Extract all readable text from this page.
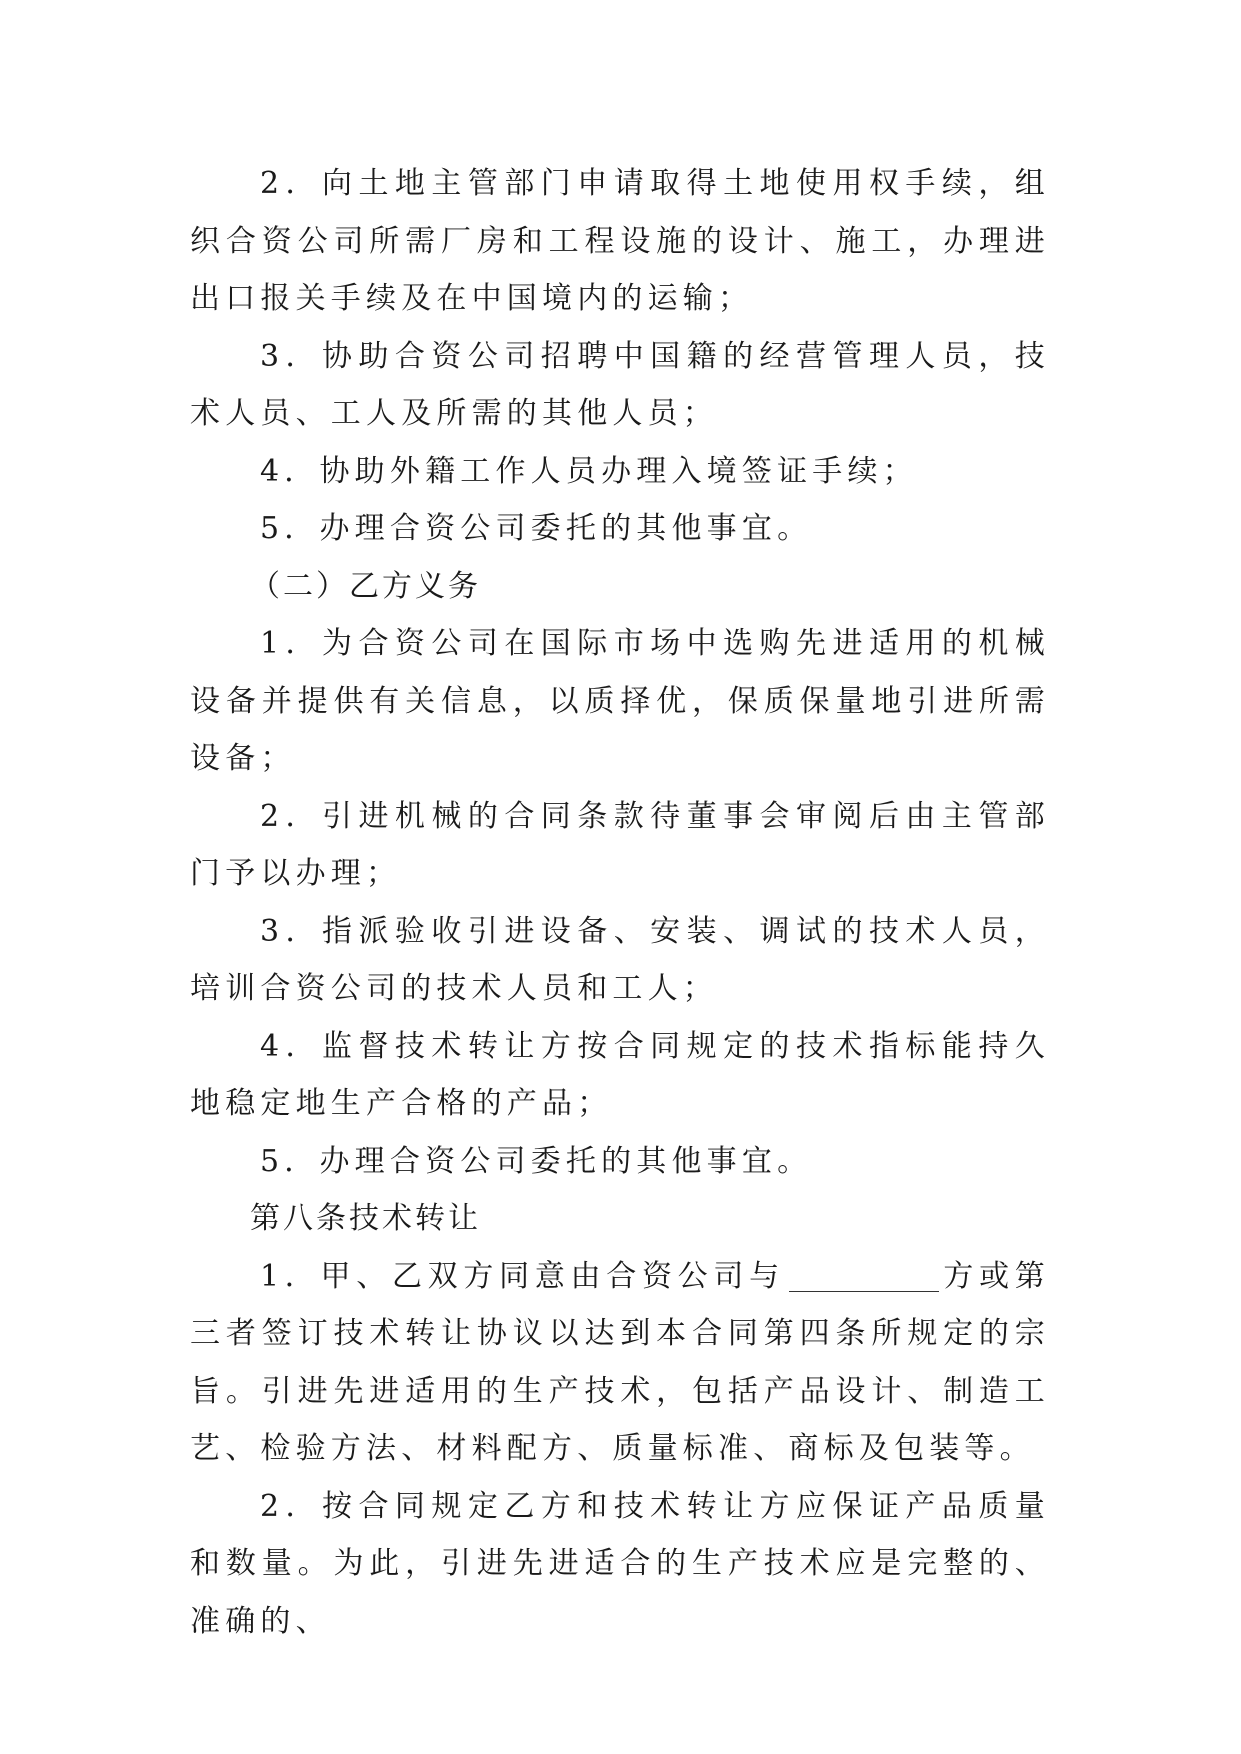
2．向土地主管部门申请取得土地使用权手续，组织合资公司所需厂房和工程设施的设计、施工，办理进出口报关手续及在中国境内的运输；

3．协助合资公司招聘中国籍的经营管理人员，技术人员、工人及所需的其他人员；

4．协助外籍工作人员办理入境签证手续；

5．办理合资公司委托的其他事宜。

（二）乙方义务

1．为合资公司在国际市场中选购先进适用的机械设备并提供有关信息，以质择优，保质保量地引进所需设备；

2．引进机械的合同条款待董事会审阅后由主管部门予以办理；

3．指派验收引进设备、安装、调试的技术人员，培训合资公司的技术人员和工人；

4．监督技术转让方按合同规定的技术指标能持久地稳定地生产合格的产品；

5．办理合资公司委托的其他事宜。

第八条技术转让

1．甲、乙双方同意由合资公司与	方或第三者签订技术转让协议以达到本合同第四条所规定的宗旨。引进先进适用的生产技术，包括产品设计、制造工艺、检验方法、材料配方、质量标准、商标及包装等。

2．按合同规定乙方和技术转让方应保证产品质量和数量。为此，引进先进适合的生产技术应是完整的、准确的、
